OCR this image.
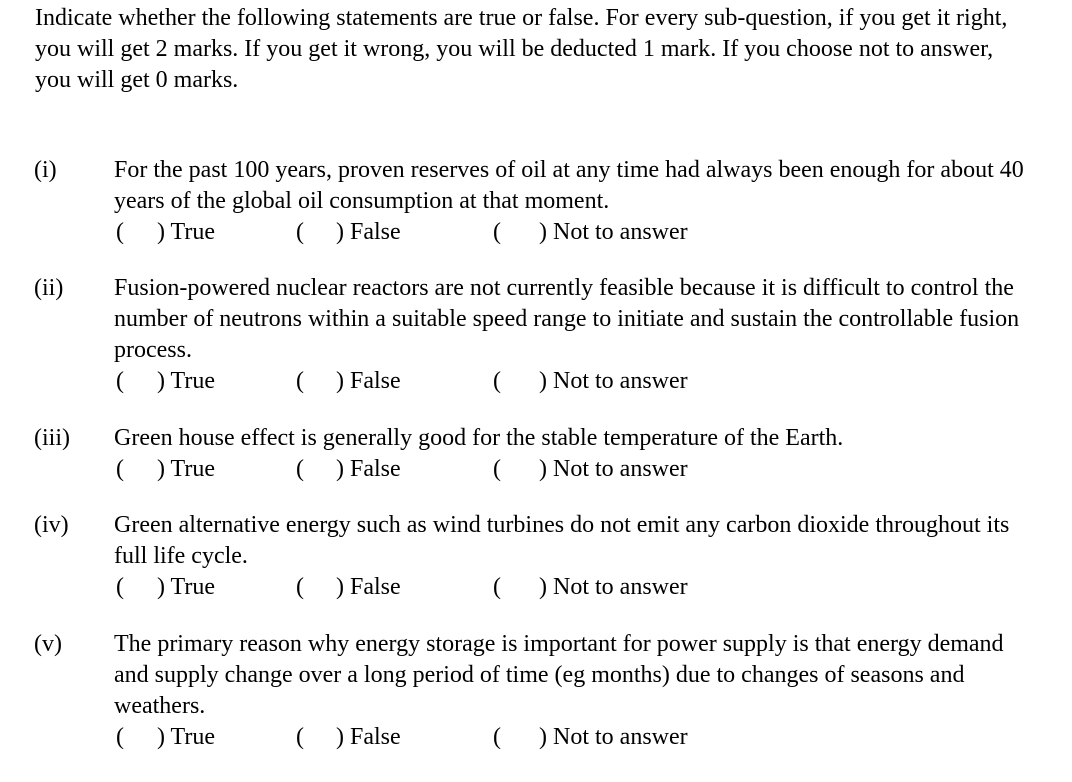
Indicate whether the following statements are true or false. For every sub-question, if you get it right, you will get 2 marks. If you get it wrong, you will be deducted 1 mark. If you choose not to answer, you will get 0 marks.

(i) For the past 100 years, proven reserves of oil at any time had always been enough for about 40 years of the global oil consumption at that moment.
( ) True	( ) False	( ) Not to answer
(ii) Fusion-powered nuclear reactors are not currently feasible because it is difficult to control the number of neutrons within a suitable speed range to initiate and sustain the controllable fusion process.
( ) True	( ) False	( ) Not to answer
(iii) Green house effect is generally good for the stable temperature of the Earth.
( ) True	( ) False	( ) Not to answer
(iv) Green alternative energy such as wind turbines do not emit any carbon dioxide throughout its full life cycle.
( ) True	( ) False	( ) Not to answer
(v) The primary reason why energy storage is important for power supply is that energy demand and supply change over a long period of time (eg months) due to changes of seasons and weathers.
( ) True	( ) False	( ) Not to answer
